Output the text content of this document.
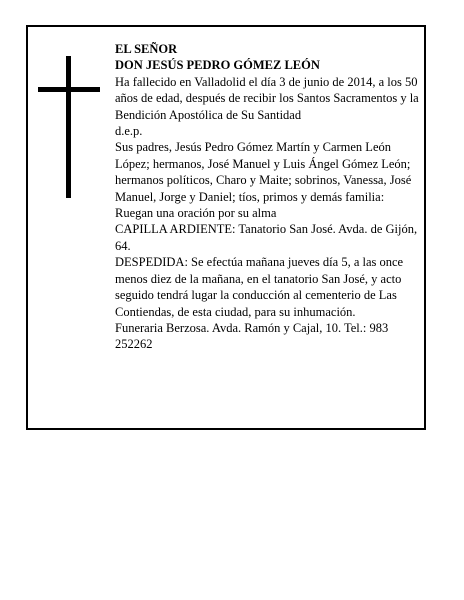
EL SEÑOR

DON JESÚS PEDRO GÓMEZ LEÓN

Ha fallecido en Valladolid el día 3 de junio de 2014, a los 50 años de edad, después de recibir los Santos Sacramentos y la Bendición Apostólica de Su Santidad

d.e.p.

Sus padres, Jesús Pedro Gómez Martín y Carmen León López; hermanos, José Manuel y Luis Ángel Gómez León; hermanos políticos, Charo y Maite; sobrinos, Vanessa, José Manuel, Jorge y Daniel; tíos, primos y demás familia:

Ruegan una oración por su alma

CAPILLA ARDIENTE: Tanatorio San José. Avda. de Gijón, 64.

DESPEDIDA: Se efectúa mañana jueves día 5, a las once menos diez de la mañana, en el tanatorio San José, y acto seguido tendrá lugar la conducción al cementerio de Las Contiendas, de esta ciudad, para su inhumación.

Funeraria Berzosa. Avda. Ramón y Cajal, 10. Tel.: 983 252262
